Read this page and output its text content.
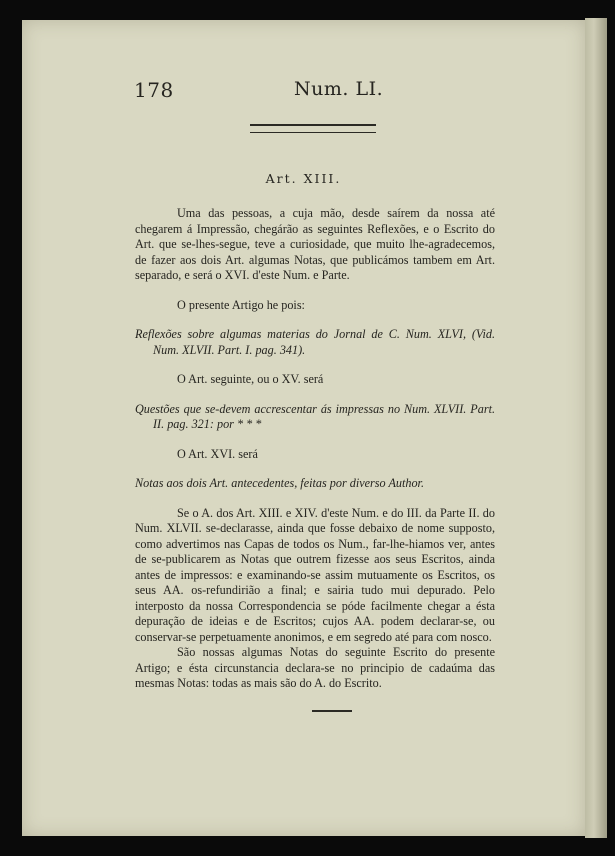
178	Num. LI.
Art. XIII.

Uma das pessoas, a cuja mão, desde saírem da nossa até chegarem á Impressão, chegárão as seguintes Reflexões, e o Escrito do Art. que se-lhes-segue, teve a curiosidade, que muito lhe-agradecemos, de fazer aos dois Art. algumas Notas, que publicámos tambem em Art. separado, e será o XVI. d'este Num. e Parte.

O presente Artigo he pois:

Reflexões sobre algumas materias do Jornal de C. Num. XLVI, (Vid. Num. XLVII. Part. I. pag. 341).

O Art. seguinte, ou o XV. será

Questões que se-devem accrescentar ás impressas no Num. XLVII. Part. II. pag. 321: por * * *

O Art. XVI. será

Notas aos dois Art. antecedentes, feitas por diverso Author.

Se o A. dos Art. XIII. e XIV. d'este Num. e do III. da Parte II. do Num. XLVII. se-declarasse, ainda que fosse debaixo de nome supposto, como advertimos nas Capas de todos os Num., far-lhe-hiamos ver, antes de se-publicarem as Notas que outrem fizesse aos seus Escritos, ainda antes de impressos: e examinando-se assim mutuamente os Escritos, os seus AA. os-refundirião a final; e sairia tudo mui depurado. Pelo interposto da nossa Correspondencia se póde facilmente chegar a ésta depuração de ideias e de Escritos; cujos AA. podem declarar-se, ou conservar-se perpetuamente anonimos, e em segredo até para com nosco.

São nossas algumas Notas do seguinte Escrito do presente Artigo; e ésta circunstancia declara-se no principio de cadaúma das mesmas Notas: todas as mais são do A. do Escrito.
